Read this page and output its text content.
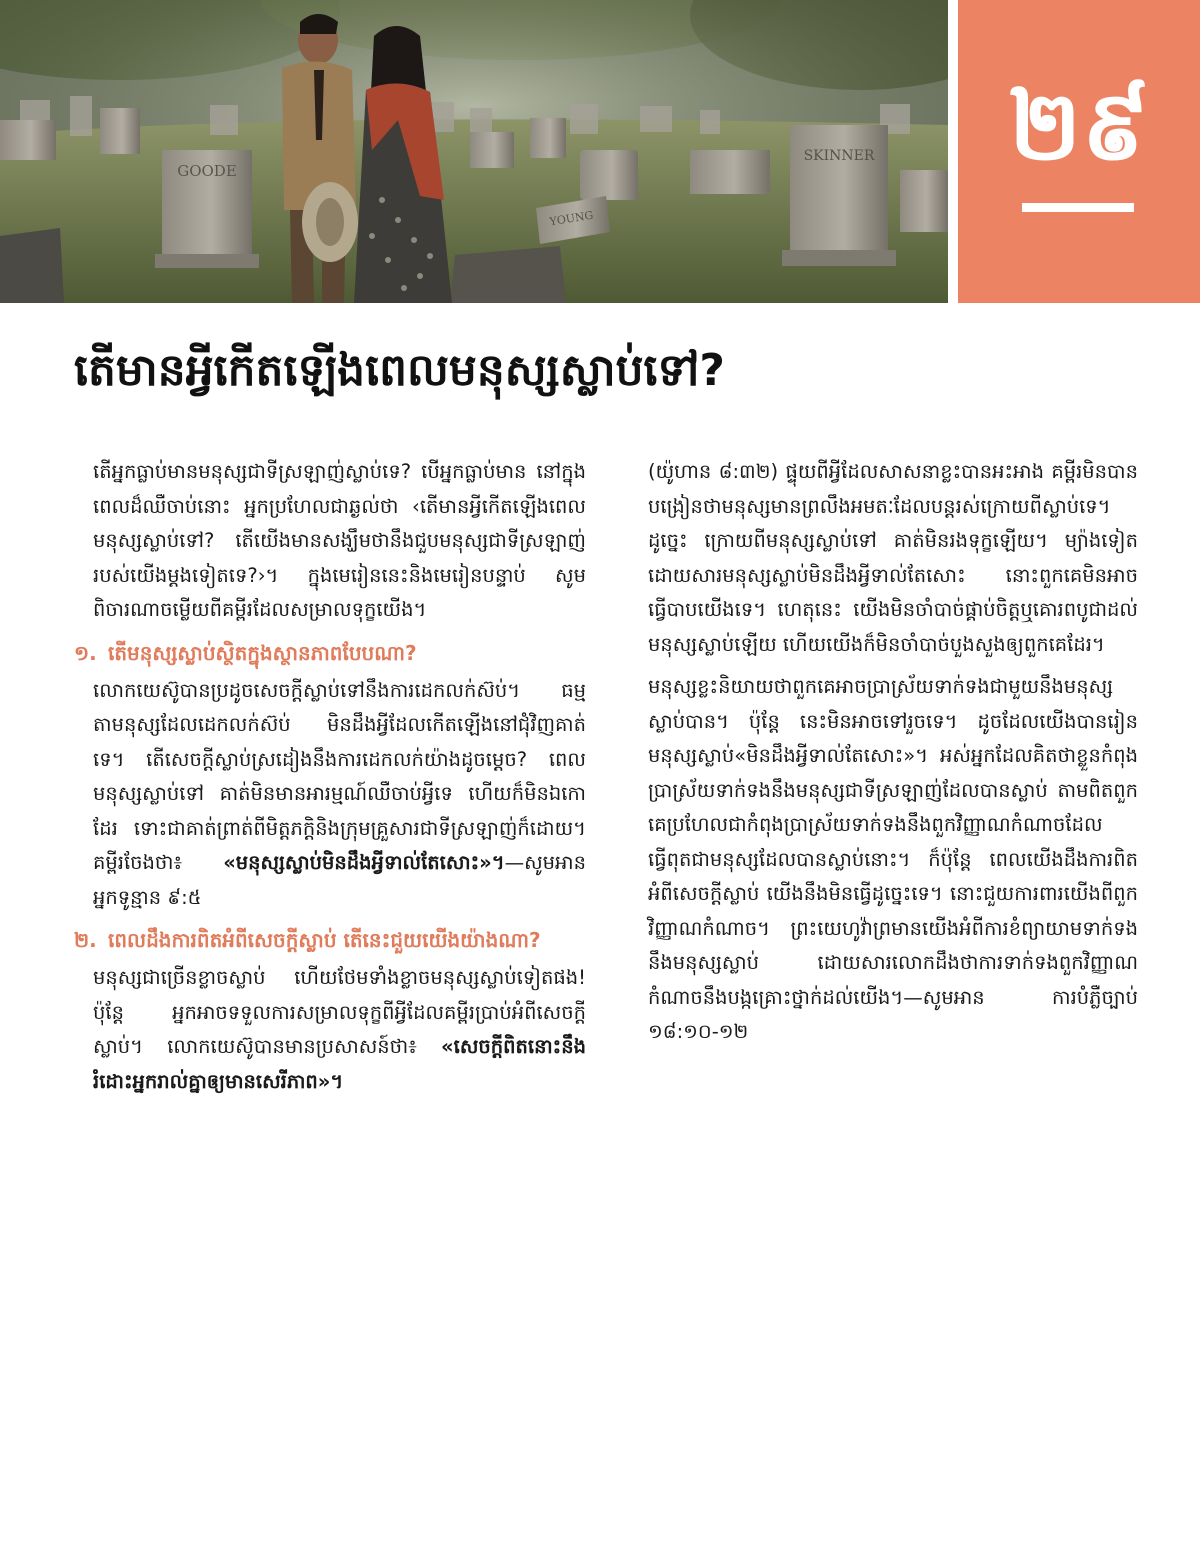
GOODE
SKINNER
YOUNG
២៩
តើមានអ្វីកើតឡើងពេលមនុស្សស្លាប់ទៅ?

តើអ្នកធ្លាប់មានមនុស្សជាទីស្រឡាញ់ស្លាប់ទេ? បើអ្នកធ្លាប់មាន នៅក្នុងពេលដ៏ឈឺចាប់នោះ អ្នកប្រហែលជាឆ្ងល់ថា ‹តើមានអ្វីកើតឡើងពេលមនុស្សស្លាប់ទៅ? តើយើងមានសង្ឃឹមថានឹងជួបមនុស្សជាទីស្រឡាញ់របស់យើងម្ដងទៀតទេ?›។ ក្នុងមេរៀននេះនិងមេរៀនបន្ទាប់ សូមពិចារណាចម្លើយពីគម្ពីរដែលសម្រាលទុក្ខយើង។

១. តើមនុស្សស្លាប់ស្ថិតក្នុងស្ថានភាពបែបណា?

លោកយេស៊ូបានប្រដូចសេចក្ដីស្លាប់ទៅនឹងការដេកលក់ស៊ប់។ ធម្មតាមនុស្សដែលដេកលក់ស៊ប់ មិនដឹងអ្វីដែលកើតឡើងនៅជុំវិញគាត់ទេ។ តើសេចក្ដីស្លាប់ស្រដៀងនឹងការដេកលក់យ៉ាងដូចម្ដេច? ពេលមនុស្សស្លាប់ទៅ គាត់មិនមានអារម្មណ៍ឈឺចាប់អ្វីទេ ហើយក៏មិនឯកោដែរ ទោះជាគាត់ព្រាត់ពីមិត្តភក្ដិនិងក្រុមគ្រួសារជាទីស្រឡាញ់ក៏ដោយ។ គម្ពីរចែងថា៖ «មនុស្សស្លាប់មិនដឹងអ្វីទាល់តែសោះ»។—សូមអាន អ្នកទូន្មាន ៩:៥

២. ពេលដឹងការពិតអំពីសេចក្ដីស្លាប់ តើនេះជួយយើងយ៉ាងណា?

មនុស្សជាច្រើនខ្លាចស្លាប់ ហើយថែមទាំងខ្លាចមនុស្សស្លាប់ទៀតផង! ប៉ុន្តែ អ្នកអាចទទួលការសម្រាលទុក្ខពីអ្វីដែលគម្ពីរប្រាប់អំពីសេចក្ដីស្លាប់។ លោកយេស៊ូបានមានប្រសាសន៍ថា៖ «សេចក្ដីពិតនោះនឹងរំដោះអ្នករាល់គ្នាឲ្យមានសេរីភាព»។

(យ៉ូហាន ៨:៣២) ផ្ទុយពីអ្វីដែលសាសនាខ្លះបានអះអាង គម្ពីរមិនបានបង្រៀនថាមនុស្សមានព្រលឹងអមតៈដែលបន្តរស់ក្រោយពីស្លាប់ទេ។ ដូច្នេះ ក្រោយពីមនុស្សស្លាប់ទៅ គាត់មិនរងទុក្ខឡើយ។ ម្យ៉ាងទៀត ដោយសារមនុស្សស្លាប់មិនដឹងអ្វីទាល់តែសោះ នោះពួកគេមិនអាចធ្វើបាបយើងទេ។ ហេតុនេះ យើងមិនចាំបាច់ផ្គាប់ចិត្តឬគោរពបូជាដល់មនុស្សស្លាប់ឡើយ ហើយយើងក៏មិនចាំបាច់បួងសួងឲ្យពួកគេដែរ។

មនុស្សខ្លះនិយាយថាពួកគេអាចប្រាស្រ័យទាក់ទងជាមួយនឹងមនុស្សស្លាប់បាន។ ប៉ុន្តែ នេះមិនអាចទៅរួចទេ។ ដូចដែលយើងបានរៀន មនុស្សស្លាប់«មិនដឹងអ្វីទាល់តែសោះ»។ អស់អ្នកដែលគិតថាខ្លួនកំពុងប្រាស្រ័យទាក់ទងនឹងមនុស្សជាទីស្រឡាញ់ដែលបានស្លាប់ តាមពិតពួកគេប្រហែលជាកំពុងប្រាស្រ័យទាក់ទងនឹងពួកវិញ្ញាណកំណាចដែលធ្វើពុតជាមនុស្សដែលបានស្លាប់នោះ។ ក៏ប៉ុន្តែ ពេលយើងដឹងការពិតអំពីសេចក្ដីស្លាប់ យើងនឹងមិនធ្វើដូច្នេះទេ។ នោះជួយការពារយើងពីពួកវិញ្ញាណកំណាច។ ព្រះយេហូវ៉ាព្រមានយើងអំពីការខំព្យាយាមទាក់ទងនឹងមនុស្សស្លាប់ ដោយសារលោកដឹងថាការទាក់ទងពួកវិញ្ញាណកំណាចនឹងបង្កគ្រោះថ្នាក់ដល់យើង។—សូមអាន ការបំភ្លឺច្បាប់ ១៨:១០-១២
